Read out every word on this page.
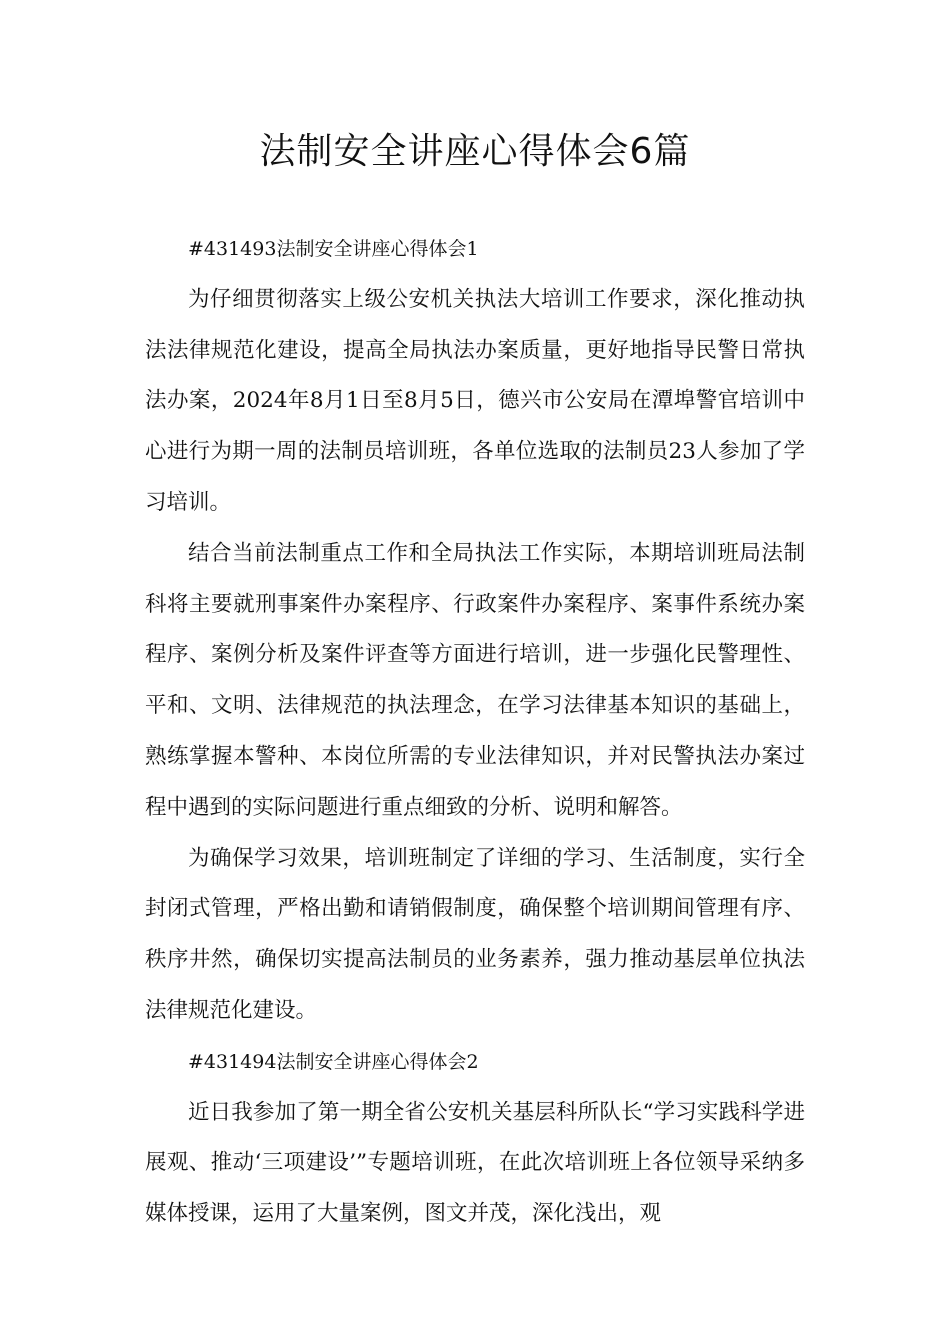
法制安全讲座心得体会6篇

#431493法制安全讲座心得体会1

为仔细贯彻落实上级公安机关执法大培训工作要求，深化推动执法法律规范化建设，提高全局执法办案质量，更好地指导民警日常执法办案，2024年8月1日至8月5日，德兴市公安局在潭埠警官培训中心进行为期一周的法制员培训班，各单位选取的法制员23人参加了学习培训。

结合当前法制重点工作和全局执法工作实际，本期培训班局法制科将主要就刑事案件办案程序、行政案件办案程序、案事件系统办案程序、案例分析及案件评查等方面进行培训，进一步强化民警理性、平和、文明、法律规范的执法理念，在学习法律基本知识的基础上，熟练掌握本警种、本岗位所需的专业法律知识，并对民警执法办案过程中遇到的实际问题进行重点细致的分析、说明和解答。

为确保学习效果，培训班制定了详细的学习、生活制度，实行全封闭式管理，严格出勤和请销假制度，确保整个培训期间管理有序、秩序井然，确保切实提高法制员的业务素养，强力推动基层单位执法法律规范化建设。

#431494法制安全讲座心得体会2

近日我参加了第一期全省公安机关基层科所队长“学习实践科学进展观、推动‘三项建设’”专题培训班，在此次培训班上各位领导采纳多媒体授课，运用了大量案例，图文并茂，深化浅出，观
